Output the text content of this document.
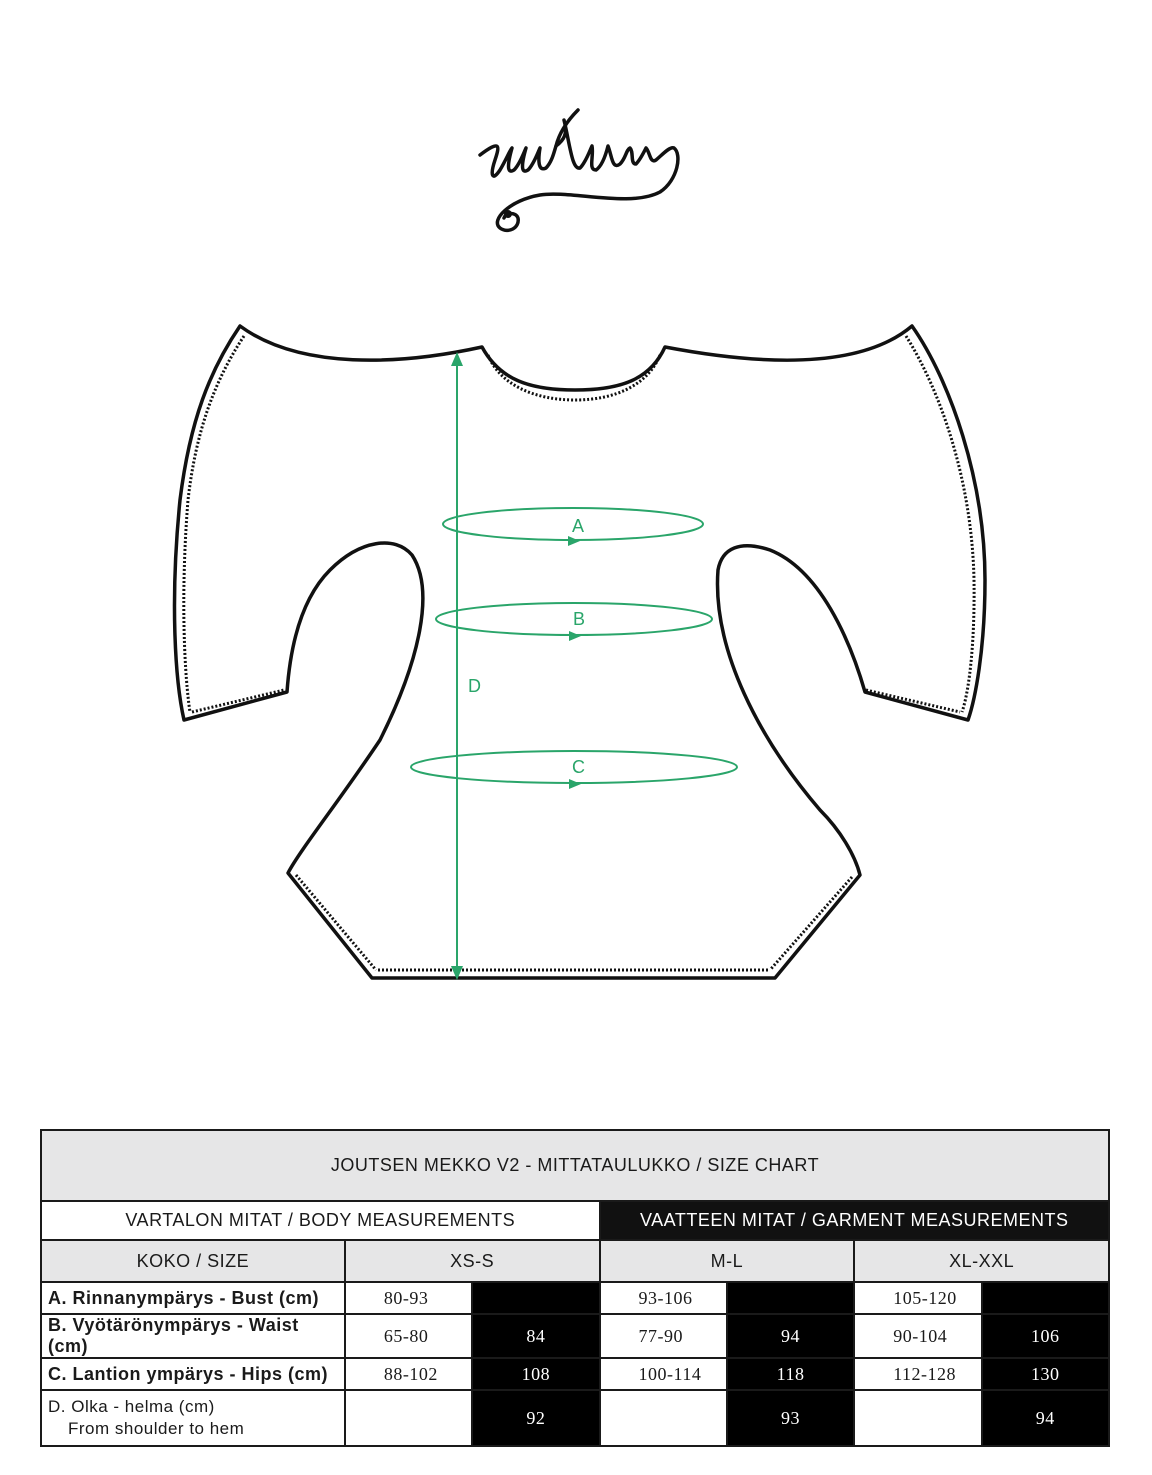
A
B
C
D
JOUTSEN MEKKO V2 - MITTATAULUKKO / SIZE CHART						
VARTALON MITAT / BODY MEASUREMENTS			VAATTEEN MITAT / GARMENT MEASUREMENTS			
KOKO / SIZE	XS-S		M-L		XL-XXL	
A. Rinnanympärys - Bust (cm)	80-93		93-106		105-120	
B. Vyötärönympärys - Waist (cm)	65-80	84	77-90	94	90-104	106
C. Lantion ympärys - Hips (cm)	88-102	108	100-114	118	112-128	130

D. Olka - helma (cm)
From shoulder to hem		92		93		94
